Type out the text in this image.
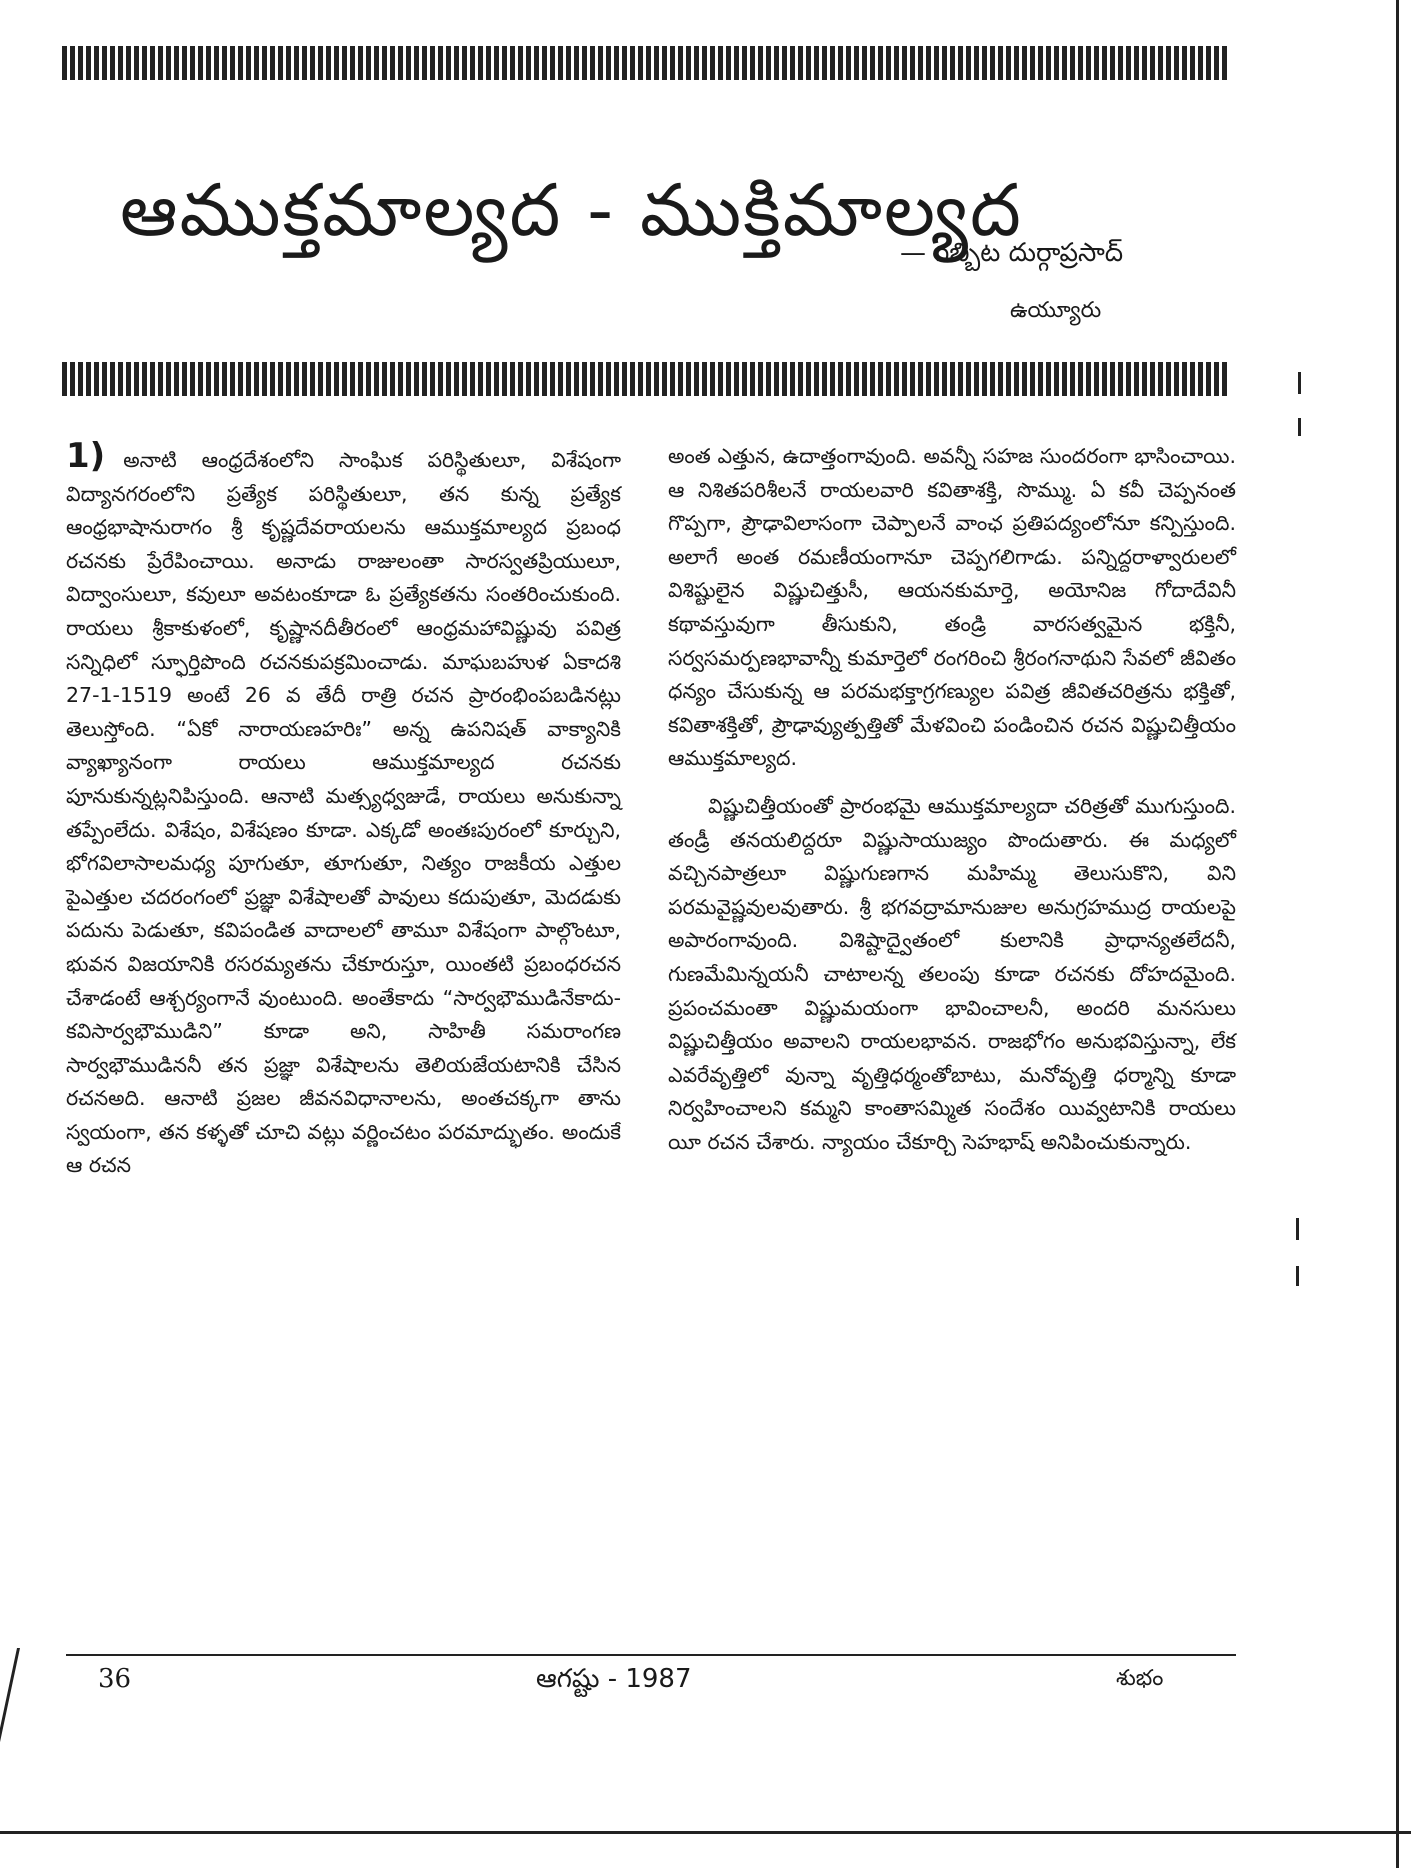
ఆముక్తమాల్యద - ముక్తిమాల్యద
— గబ్బిట దుర్గాప్రసాద్
ఉయ్యూరు

1) అనాటి ఆంధ్రదేశంలోని సాంఘిక పరిస్థితులూ, విశేషంగా విద్యానగరంలోని ప్రత్యేక పరిస్థితులూ, తన కున్న ప్రత్యేక ఆంధ్రభాషానురాగం శ్రీ కృష్ణదేవరాయలను ఆముక్తమాల్యద ప్రబంధ రచనకు ప్రేరేపించాయి. అనాడు రాజులంతా సారస్వతప్రియులూ, విద్వాంసులూ, కవులూ అవటంకూడా ఓ ప్రత్యేకతను సంతరించుకుంది. రాయలు శ్రీకాకుళంలో, కృష్ణానదీతీరంలో ఆంధ్రమహావిష్ణువు పవిత్ర సన్నిధిలో స్ఫూర్తిపొంది రచనకుపక్రమించాడు. మాఘబహుళ ఏకాదశి 27-1-1519 అంటే 26 వ తేదీ రాత్రి రచన ప్రారంభింపబడినట్లు తెలుస్తోంది. “ఏకో నారాయణహరిః” అన్న ఉపనిషత్ వాక్యానికి వ్యాఖ్యానంగా రాయలు ఆముక్తమాల్యద రచనకు పూనుకున్నట్లనిపిస్తుంది. ఆనాటి మత్స్యధ్వజుడే, రాయలు అనుకున్నా తప్పేంలేదు. విశేషం, విశేషణం కూడా. ఎక్కడో అంతఃపురంలో కూర్చుని, భోగవిలాసాలమధ్య పూగుతూ, తూగుతూ, నిత్యం రాజకీయ ఎత్తుల పైఎత్తుల చదరంగంలో ప్రజ్ఞా విశేషాలతో పావులు కదుపుతూ, మెదడుకు పదును పెడుతూ, కవిపండిత వాదాలలో తామూ విశేషంగా పాల్గొంటూ, భువన విజయానికి రసరమ్యతను చేకూరుస్తూ, యింతటి ప్రబంధరచన చేశాడంటే ఆశ్చర్యంగానే వుంటుంది. అంతేకాదు “సార్వభౌముడినేకాదు- కవిసార్వభౌముడిని” కూడా అని, సాహితీ సమరాంగణ సార్వభౌముడిననీ తన ప్రజ్ఞా విశేషాలను తెలియజేయటానికి చేసిన రచనఅది. ఆనాటి ప్రజల జీవనవిధానాలను, అంతచక్కగా తాను స్వయంగా, తన కళ్ళతో చూచి వట్లు వర్ణించటం పరమాద్భుతం. అందుకే ఆ రచన

అంత ఎత్తున, ఉదాత్తంగావుంది. అవన్నీ సహజ సుందరంగా భాసించాయి. ఆ నిశితపరిశీలనే రాయలవారి కవితాశక్తి, సొమ్ము. ఏ కవీ చెప్పనంత గొప్పగా, ప్రౌఢావిలాసంగా చెప్పాలనే వాంఛ ప్రతిపద్యంలోనూ కన్పిస్తుంది. అలాగే అంత రమణీయంగానూ చెప్పగలిగాడు. పన్నిద్దరాళ్వారులలో విశిష్టులైన విష్ణుచిత్తుసీ, ఆయనకుమార్తె, అయోనిజ గోదాదేవినీ కథావస్తువుగా తీసుకుని, తండ్రి వారసత్వమైన భక్తినీ, సర్వసమర్పణభావాన్నీ కుమార్తెలో రంగరించి శ్రీరంగనాథుని సేవలో జీవితం ధన్యం చేసుకున్న ఆ పరమభక్తాగ్రగణ్యుల పవిత్ర జీవితచరిత్రను భక్తితో, కవితాశక్తితో, ప్రౌఢావ్యుత్పత్తితో మేళవించి పండించిన రచన విష్ణుచిత్తీయం ఆముక్తమాల్యద.

విష్ణుచిత్తీయంతో ప్రారంభమై ఆముక్తమాల్యదా చరిత్రతో ముగుస్తుంది. తండ్రీ తనయలిద్దరూ విష్ణుసాయుజ్యం పొందుతారు. ఈ మధ్యలో వచ్చినపాత్రలూ విష్ణుగుణగాన మహిమ్మ తెలుసుకొని, విని పరమవైష్ణవులవుతారు. శ్రీ భగవద్రామానుజుల అనుగ్రహముద్ర రాయలపై అపారంగావుంది. విశిష్టాద్వైతంలో కులానికి ప్రాధాన్యతలేదనీ, గుణమేమిన్నయనీ చాటాలన్న తలంపు కూడా రచనకు దోహదమైంది. ప్రపంచమంతా విష్ణుమయంగా భావించాలనీ, అందరి మనసులు విష్ణుచిత్తీయం అవాలని రాయలభావన. రాజభోగం అనుభవిస్తున్నా, లేక ఎవరేవృత్తిలో వున్నా వృత్తిధర్మంతోబాటు, మనోవృత్తి ధర్మాన్ని కూడా నిర్వహించాలని కమ్మని కాంతాసమ్మిత సందేశం యివ్వటానికి రాయలు యీ రచన చేశారు. న్యాయం చేకూర్చి సెహభాష్ అనిపించుకున్నారు.

36	ఆగష్టు - 1987	శుభం
